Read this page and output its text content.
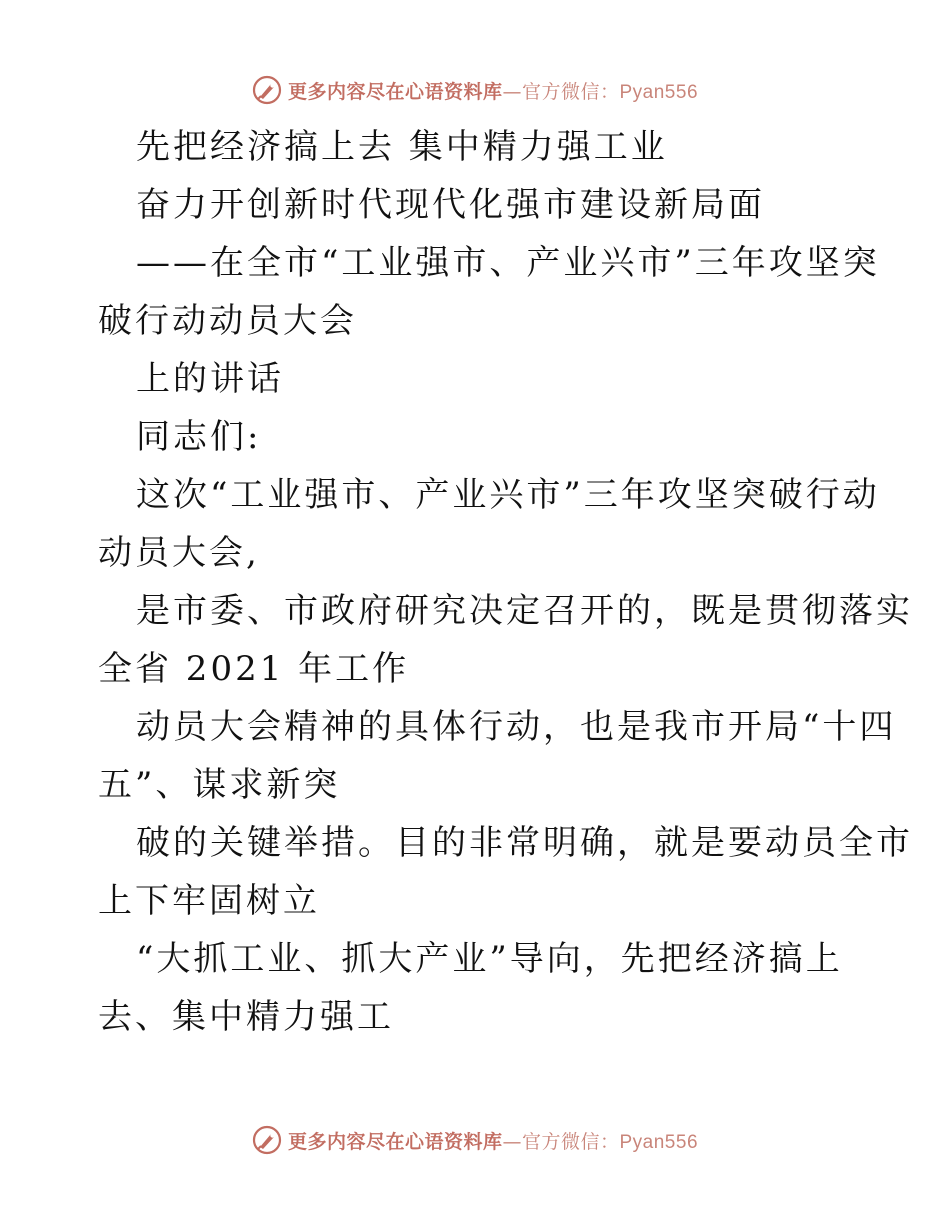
更多内容尽在心语资料库—官方微信：Pyan556
先把经济搞上去 集中精力强工业
奋力开创新时代现代化强市建设新局面
——在全市“工业强市、产业兴市”三年攻坚突
破行动动员大会
上的讲话
同志们:
这次“工业强市、产业兴市”三年攻坚突破行动
动员大会,
是市委、市政府研究决定召开的，既是贯彻落实
全省 2021 年工作
动员大会精神的具体行动，也是我市开局“十四
五”、谋求新突
破的关键举措。目的非常明确，就是要动员全市
上下牢固树立
“大抓工业、抓大产业”导向，先把经济搞上
去、集中精力强工
更多内容尽在心语资料库—官方微信：Pyan556
